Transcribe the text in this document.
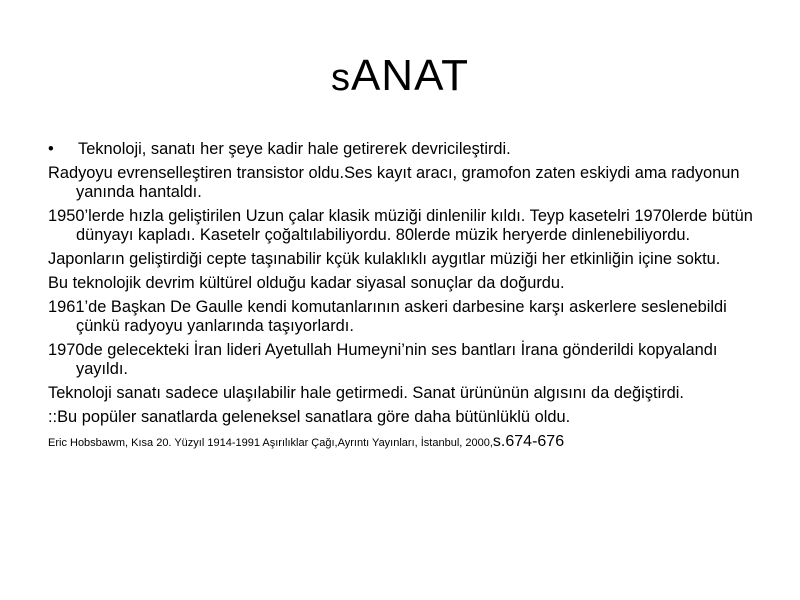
sANAT
•	Teknoloji, sanatı her şeye kadir hale getirerek devricileştirdi.
Radyoyu evrenselleştiren transistor oldu.Ses kayıt aracı, gramofon zaten eskiydi ama radyonun yanında hantaldı.
1950’lerde hızla geliştirilen Uzun çalar klasik müziği dinlenilir kıldı. Teyp kasetelri 1970lerde bütün dünyayı kapladı. Kasetelr çoğaltılabiliyordu. 80lerde müzik heryerde dinlenebiliyordu.
Japonların geliştirdiği cepte taşınabilir kçük kulaklıklı aygıtlar müziği her etkinliğin içine soktu.
Bu teknolojik devrim kültürel olduğu kadar siyasal sonuçlar da doğurdu.
1961’de Başkan De Gaulle kendi komutanlarının askeri darbesine karşı askerlere seslenebildi çünkü radyoyu yanlarında taşıyorlardı.
1970de gelecekteki İran lideri Ayetullah Humeyni’nin ses bantları İrana gönderildi kopyalandı yayıldı.
Teknoloji sanatı sadece ulaşılabilir hale getirmedi. Sanat ürününün algısını da değiştirdi.
::Bu popüler sanatlarda geleneksel sanatlara göre daha bütünlüklü oldu.
Eric Hobsbawm, Kısa 20. Yüzyıl 1914-1991 Aşırılıklar Çağı,Ayrıntı Yayınları, İstanbul, 2000,s.674-676
